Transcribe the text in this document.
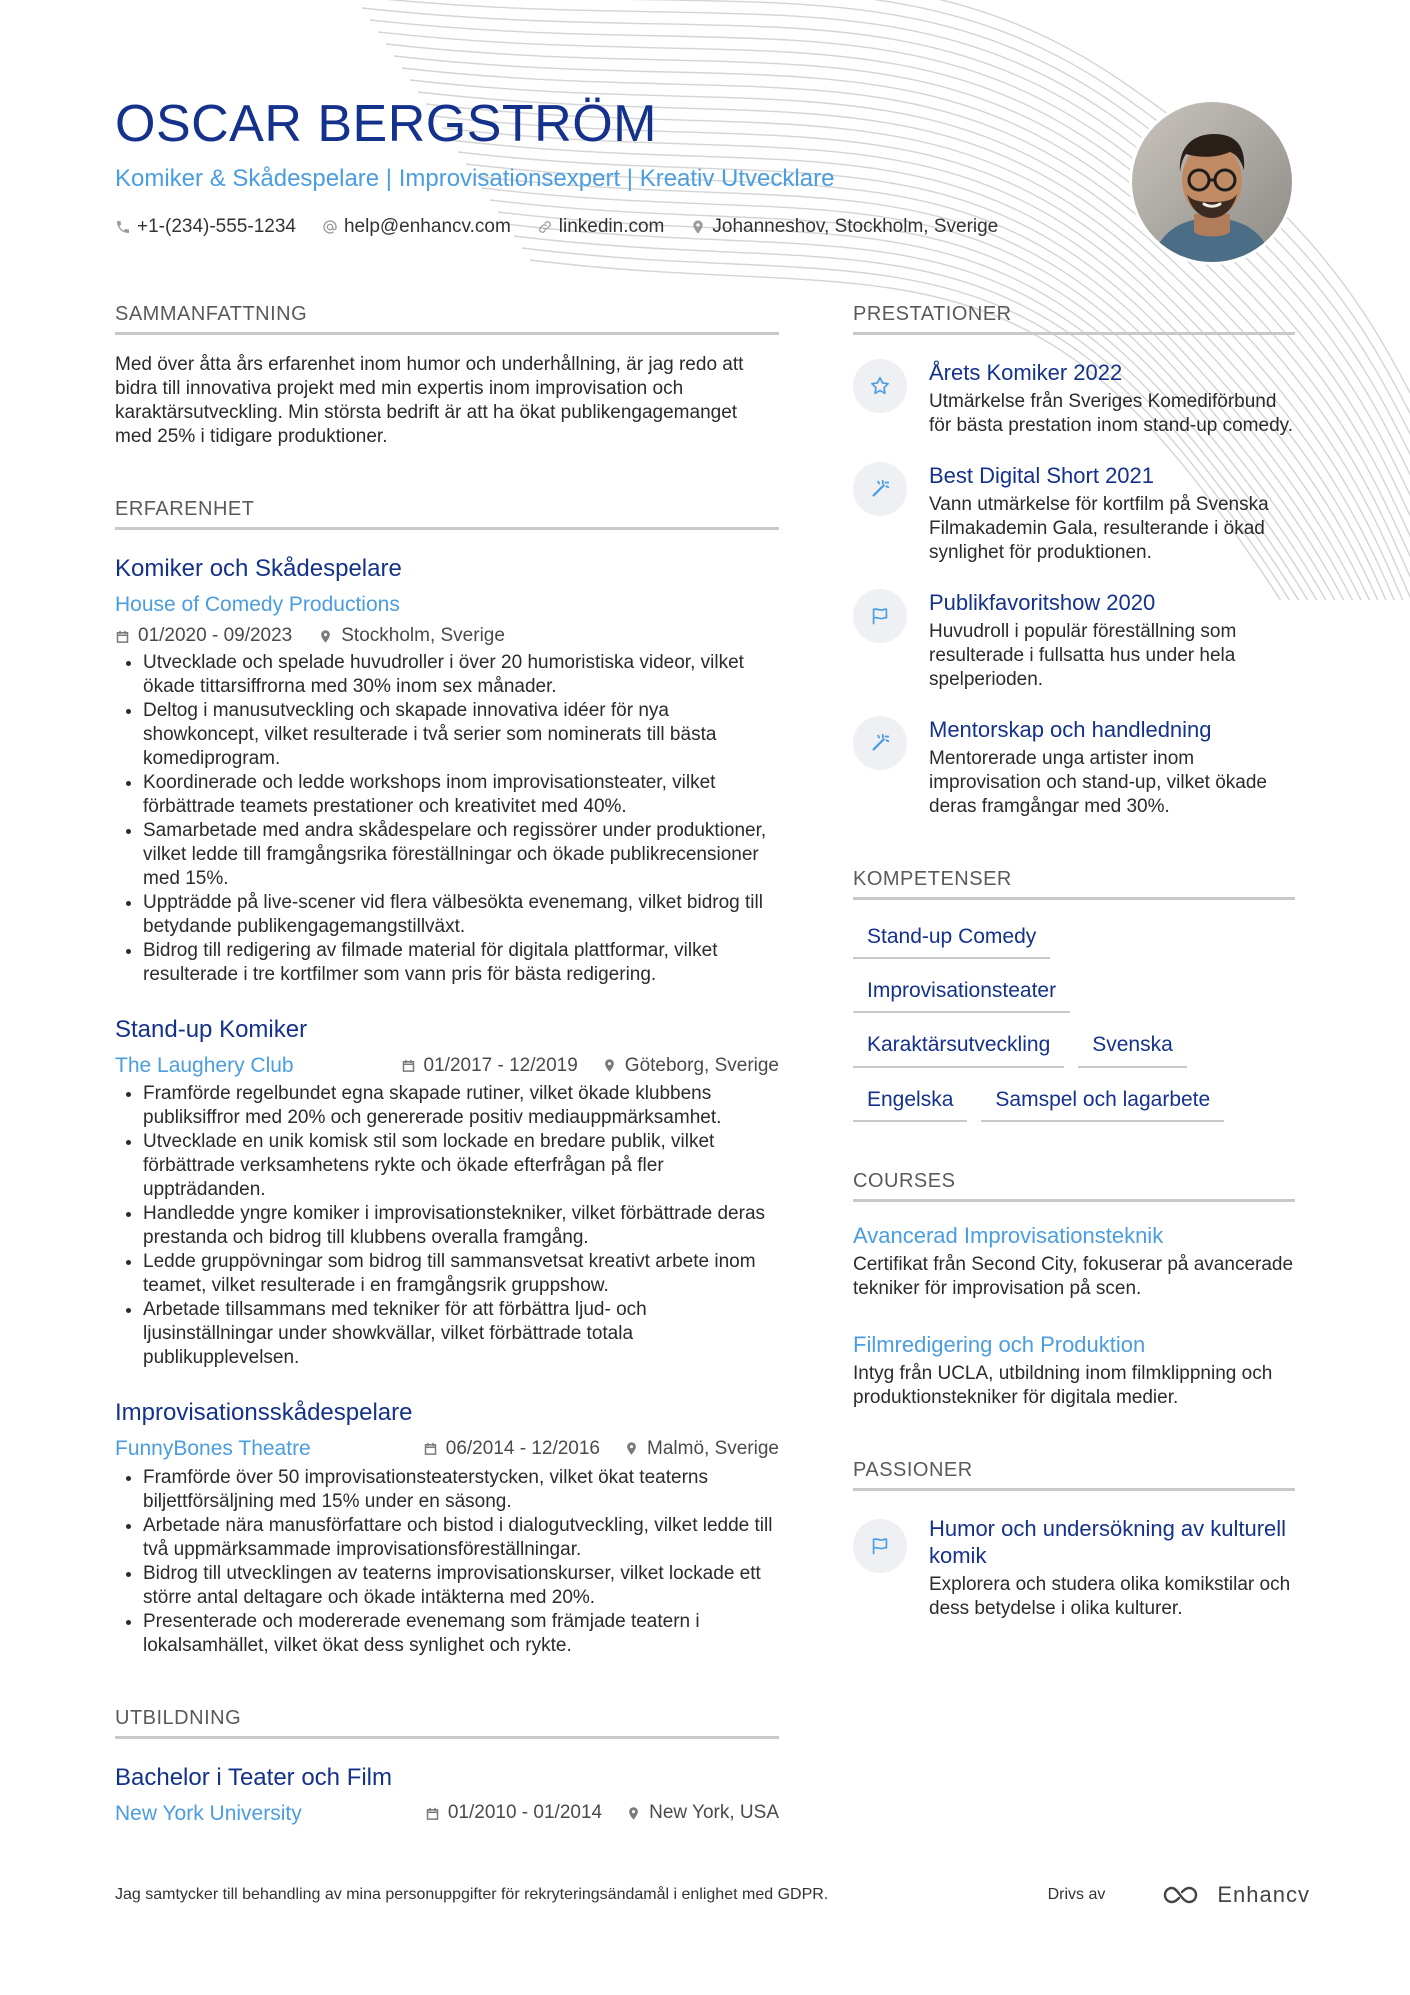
OSCAR BERGSTRÖM
Komiker & Skådespelare | Improvisationsexpert | Kreativ Utvecklare
+1-(234)-555-1234	help@enhancv.com	linkedin.com	Johanneshov, Stockholm, Sverige
SAMMANFATTNING
Med över åtta års erfarenhet inom humor och underhållning, är jag redo att bidra till innovativa projekt med min expertis inom improvisation och karaktärsutveckling. Min största bedrift är att ha ökat publikengagemanget med 25% i tidigare produktioner.
ERFARENHET
Komiker och Skådespelare
House of Comedy Productions
01/2020 - 09/2023	Stockholm, Sverige
• Utvecklade och spelade huvudroller i över 20 humoristiska videor, vilket ökade tittarsiffrorna med 30% inom sex månader.
• Deltog i manusutveckling och skapade innovativa idéer för nya showkoncept, vilket resulterade i två serier som nominerats till bästa komediprogram.
• Koordinerade och ledde workshops inom improvisationsteater, vilket förbättrade teamets prestationer och kreativitet med 40%.
• Samarbetade med andra skådespelare och regissörer under produktioner, vilket ledde till framgångsrika föreställningar och ökade publikrecensioner med 15%.
• Uppträdde på live-scener vid flera välbesökta evenemang, vilket bidrog till betydande publikengagemangstillväxt.
• Bidrog till redigering av filmade material för digitala plattformar, vilket resulterade i tre kortfilmer som vann pris för bästa redigering.
Stand-up Komiker
The Laughery Club	01/2017 - 12/2019 Göteborg, Sverige
• Framförde regelbundet egna skapade rutiner, vilket ökade klubbens publiksiffror med 20% och genererade positiv mediauppmärksamhet.
• Utvecklade en unik komisk stil som lockade en bredare publik, vilket förbättrade verksamhetens rykte och ökade efterfrågan på fler uppträdanden.
• Handledde yngre komiker i improvisationstekniker, vilket förbättrade deras prestanda och bidrog till klubbens overalla framgång.
• Ledde gruppövningar som bidrog till sammansvetsat kreativt arbete inom teamet, vilket resulterade i en framgångsrik gruppshow.
• Arbetade tillsammans med tekniker för att förbättra ljud- och ljusinställningar under showkvällar, vilket förbättrade totala publikupplevelsen.
Improvisationsskådespelare
FunnyBones Theatre	06/2014 - 12/2016 Malmö, Sverige
• Framförde över 50 improvisationsteaterstycken, vilket ökat teaterns biljettförsäljning med 15% under en säsong.
• Arbetade nära manusförfattare och bistod i dialogutveckling, vilket ledde till två uppmärksammade improvisationsföreställningar.
• Bidrog till utvecklingen av teaterns improvisationskurser, vilket lockade ett större antal deltagare och ökade intäkterna med 20%.
• Presenterade och modererade evenemang som främjade teatern i lokalsamhället, vilket ökat dess synlighet och rykte.
UTBILDNING
Bachelor i Teater och Film
New York University	01/2010 - 01/2014 New York, USA
PRESTATIONER
Årets Komiker 2022
Utmärkelse från Sveriges Komediförbund för bästa prestation inom stand-up comedy.
Best Digital Short 2021
Vann utmärkelse för kortfilm på Svenska Filmakademin Gala, resulterande i ökad synlighet för produktionen.
Publikfavoritshow 2020
Huvudroll i populär föreställning som resulterade i fullsatta hus under hela spelperioden.
Mentorskap och handledning
Mentorerade unga artister inom improvisation och stand-up, vilket ökade deras framgångar med 30%.
KOMPETENSER
Stand-up Comedy
Improvisationsteater
Karaktärsutveckling	Svenska
Engelska	Samspel och lagarbete
COURSES
Avancerad Improvisationsteknik
Certifikat från Second City, fokuserar på avancerade tekniker för improvisation på scen.
Filmredigering och Produktion
Intyg från UCLA, utbildning inom filmklippning och produktionstekniker för digitala medier.
PASSIONER
Humor och undersökning av kulturell komik
Explorera och studera olika komikstilar och dess betydelse i olika kulturer.
Jag samtycker till behandling av mina personuppgifter för rekryteringsändamål i enlighet med GDPR.	Drivs av	Enhancv
